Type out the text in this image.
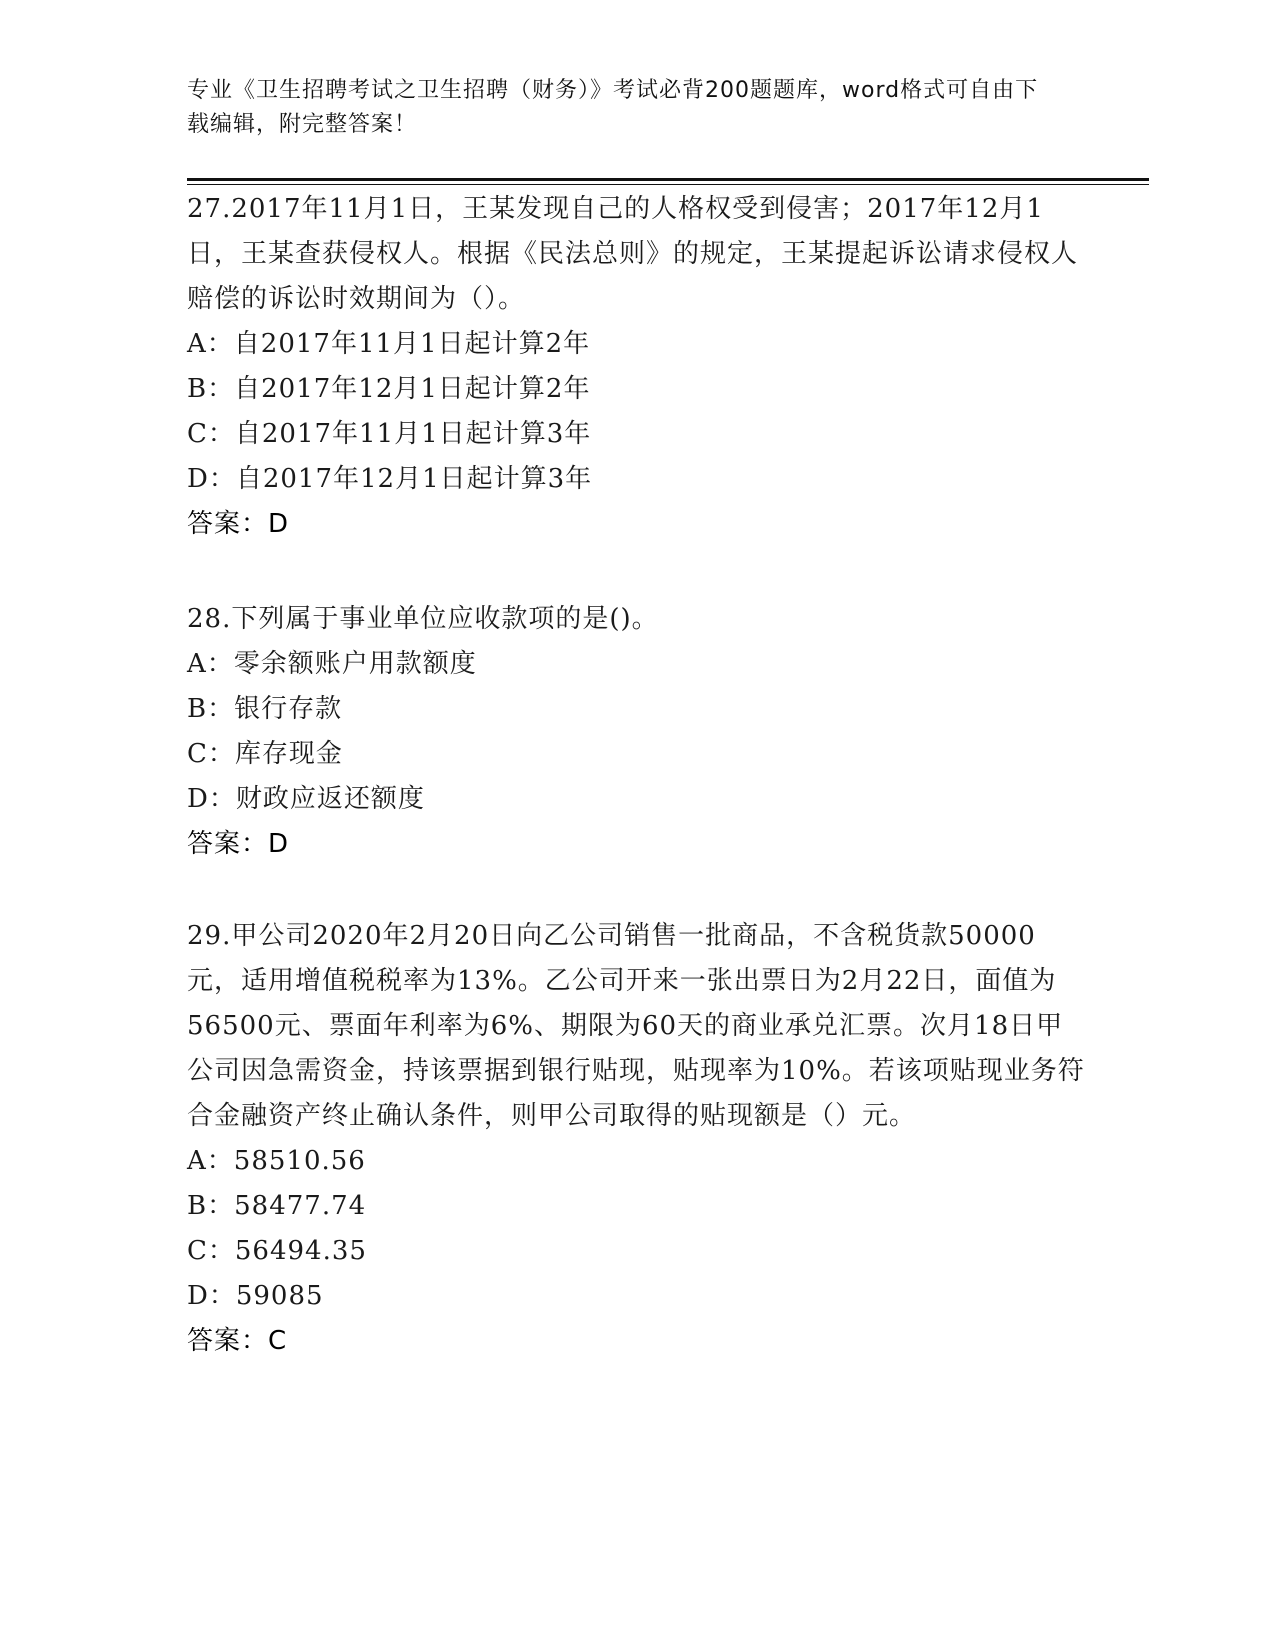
专业《卫生招聘考试之卫生招聘（财务）》考试必背200题题库，word格式可自由下载编辑，附完整答案！
27.2017年11月1日，王某发现自己的人格权受到侵害；2017年12月1日，王某查获侵权人。根据《民法总则》的规定，王某提起诉讼请求侵权人赔偿的诉讼时效期间为（）。
A：自2017年11月1日起计算2年
B：自2017年12月1日起计算2年
C：自2017年11月1日起计算3年
D：自2017年12月1日起计算3年
答案：D
28.下列属于事业单位应收款项的是()。
A：零余额账户用款额度
B：银行存款
C：库存现金
D：财政应返还额度
答案：D
29.甲公司2020年2月20日向乙公司销售一批商品，不含税货款50000元，适用增值税税率为13%。乙公司开来一张出票日为2月22日，面值为56500元、票面年利率为6%、期限为60天的商业承兑汇票。次月18日甲公司因急需资金，持该票据到银行贴现，贴现率为10%。若该项贴现业务符合金融资产终止确认条件，则甲公司取得的贴现额是（）元。
A：58510.56
B：58477.74
C：56494.35
D：59085
答案：C
